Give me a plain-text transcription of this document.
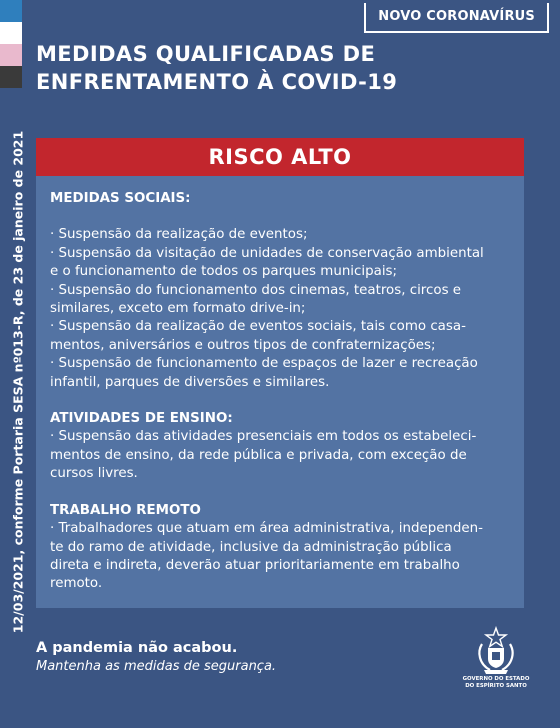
NOVO CORONAVÍRUS
MEDIDAS QUALIFICADAS DE ENFRENTAMENTO À COVID-19
12/03/2021, conforme Portaria SESA nº013-R, de 23 de janeiro de 2021	RISCO ALTO
MEDIDAS SOCIAIS:
· Suspensão da realização de eventos;
· Suspensão da visitação de unidades de conservação ambiental
e o funcionamento de todos os parques municipais;
· Suspensão do funcionamento dos cinemas, teatros, circos e
similares, exceto em formato drive-in;
· Suspensão da realização de eventos sociais, tais como casa-
mentos, aniversários e outros tipos de confraternizações;
· Suspensão de funcionamento de espaços de lazer e recreação
infantil, parques de diversões e similares.
ATIVIDADES DE ENSINO:
· Suspensão das atividades presenciais em todos os estabeleci-
mentos de ensino, da rede pública e privada, com exceção de
cursos livres.
TRABALHO REMOTO
· Trabalhadores que atuam em área administrativa, independen-
te do ramo de atividade, inclusive da administração pública
direta e indireta, deverão atuar prioritariamente em trabalho
remoto.
A pandemia não acabou.
Mantenha as medidas de segurança.
GOVERNO DO ESTADO
DO ESPÍRITO SANTO
